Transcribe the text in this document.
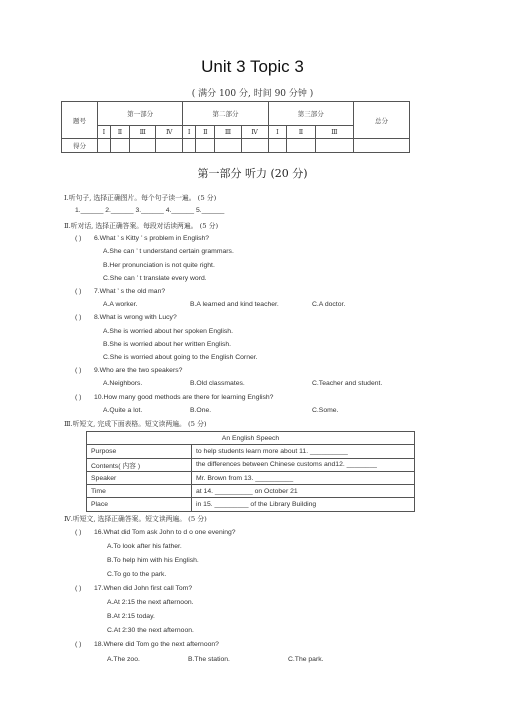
Unit 3 Topic 3
( 满分 100 分, 时间 90 分钟 )
题号	第一部分				第二部分				第三部分			总分
	Ⅰ	Ⅱ	Ⅲ	Ⅳ	Ⅰ	Ⅱ	Ⅲ	Ⅳ	Ⅰ	Ⅱ	Ⅲ	
得分												
第一部分 听力 (20 分)
Ⅰ.听句子, 选择正确图片。每个句子读一遍。 (5 分)
1.______ 2.______ 3.______ 4.______ 5.______
Ⅱ.听对话, 选择正确答案。每段对话读两遍。 (5 分)
( ) 6.What ’ s Kitty ’ s problem in English?
A.She can ’ t understand certain grammars.
B.Her pronunciation is not quite right.
C.She can ’ t translate every word.
( ) 7.What ’ s the old man?
A.A worker.	B.A learned and kind teacher.	C.A doctor.
( ) 8.What is wrong with Lucy?
A.She is worried about her spoken English.
B.She is worried about her written English.
C.She is worried about going to the English Corner.
( ) 9.Who are the two speakers?
A.Neighbors.	B.Old classmates.	C.Teacher and student.
( ) 10.How many good methods are there for learning English?
A.Quite a lot.	B.One.	C.Some.
Ⅲ.听短文, 完成下面表格。短文读两遍。 (5 分)
An English Speech	
Purpose	to help students learn more about 11. __________
Contents( 内容 )	the differences between Chinese customs and12. ________
Speaker	Mr. Brown from 13. __________
Time	at 14. __________ on October 21
Place	in 15. _________ of the Library Building
Ⅳ.听短文, 选择正确答案。短文读两遍。 (5 分)
( ) 16.What did Tom ask John to d o one evening?
A.To look after his father.
B.To help him with his English.
C.To go to the park.
( ) 17.When did John first call Tom?
A.At 2:15 the next afternoon.
B.At 2:15 today.
C.At 2:30 the next afternoon.
( ) 18.Where did Tom go the next afternoon?
A.The zoo.	B.The station.	C.The park.
